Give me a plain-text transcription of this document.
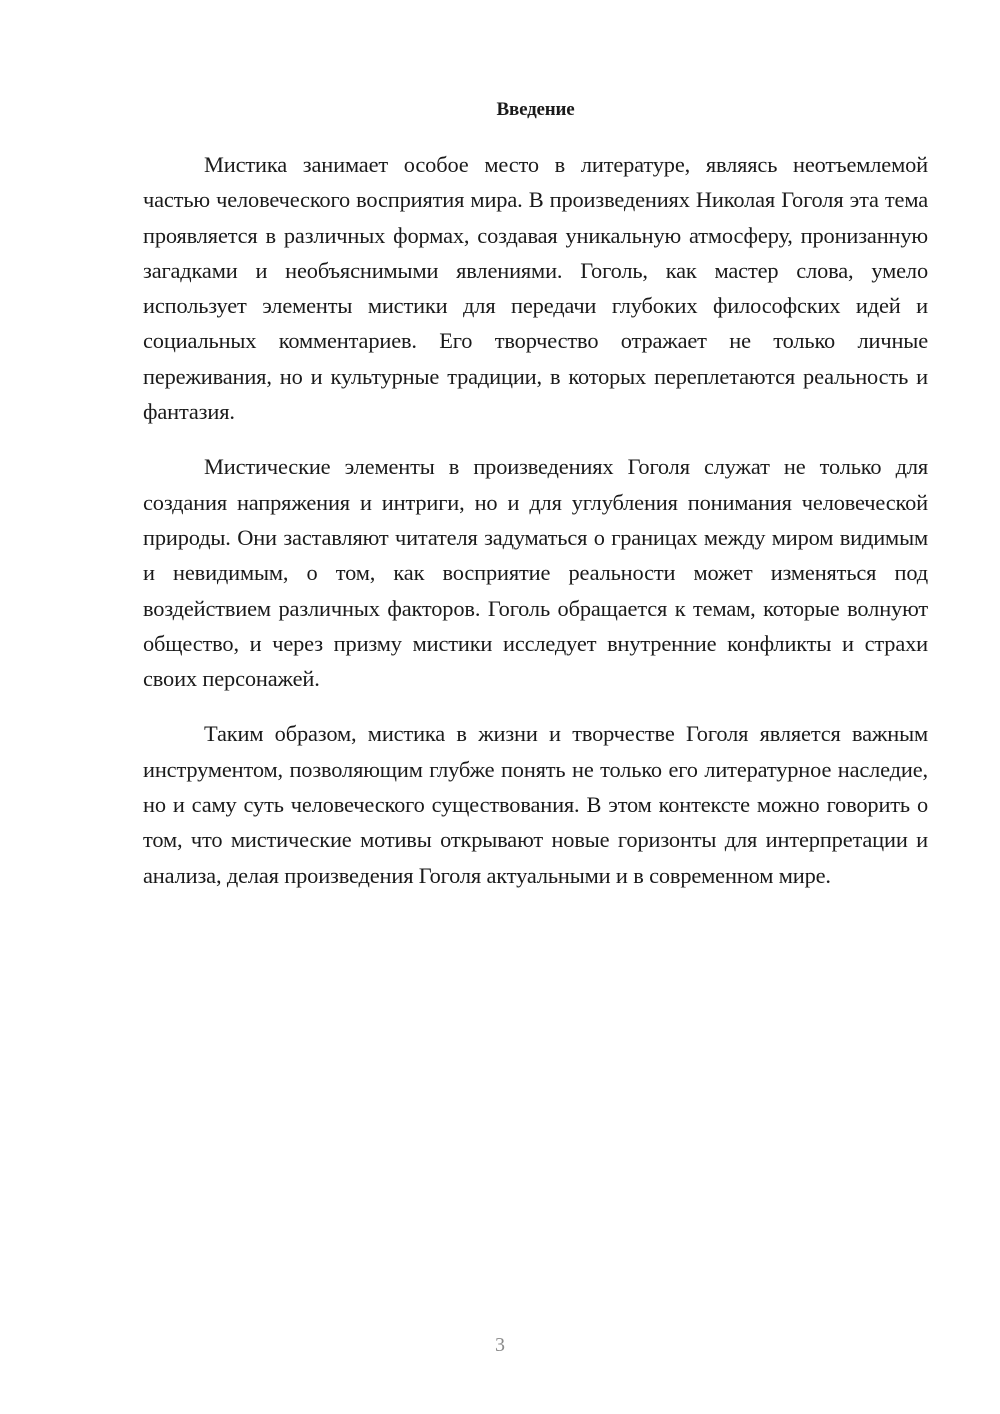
Введение

Мистика занимает особое место в литературе, являясь неотъемлемой частью человеческого восприятия мира. В произведениях Николая Гоголя эта тема проявляется в различных формах, создавая уникальную атмосферу, пронизанную загадками и необъяснимыми явлениями. Гоголь, как мастер слова, умело использует элементы мистики для передачи глубоких философских идей и социальных комментариев. Его творчество отражает не только личные переживания, но и культурные традиции, в которых переплетаются реальность и фантазия.

Мистические элементы в произведениях Гоголя служат не только для создания напряжения и интриги, но и для углубления понимания человеческой природы. Они заставляют читателя задуматься о границах между миром видимым и невидимым, о том, как восприятие реальности может изменяться под воздействием различных факторов. Гоголь обращается к темам, которые волнуют общество, и через призму мистики исследует внутренние конфликты и страхи своих персонажей.

Таким образом, мистика в жизни и творчестве Гоголя является важным инструментом, позволяющим глубже понять не только его литературное наследие, но и саму суть человеческого существования. В этом контексте можно говорить о том, что мистические мотивы открывают новые горизонты для интерпретации и анализа, делая произведения Гоголя актуальными и в современном мире.

3
